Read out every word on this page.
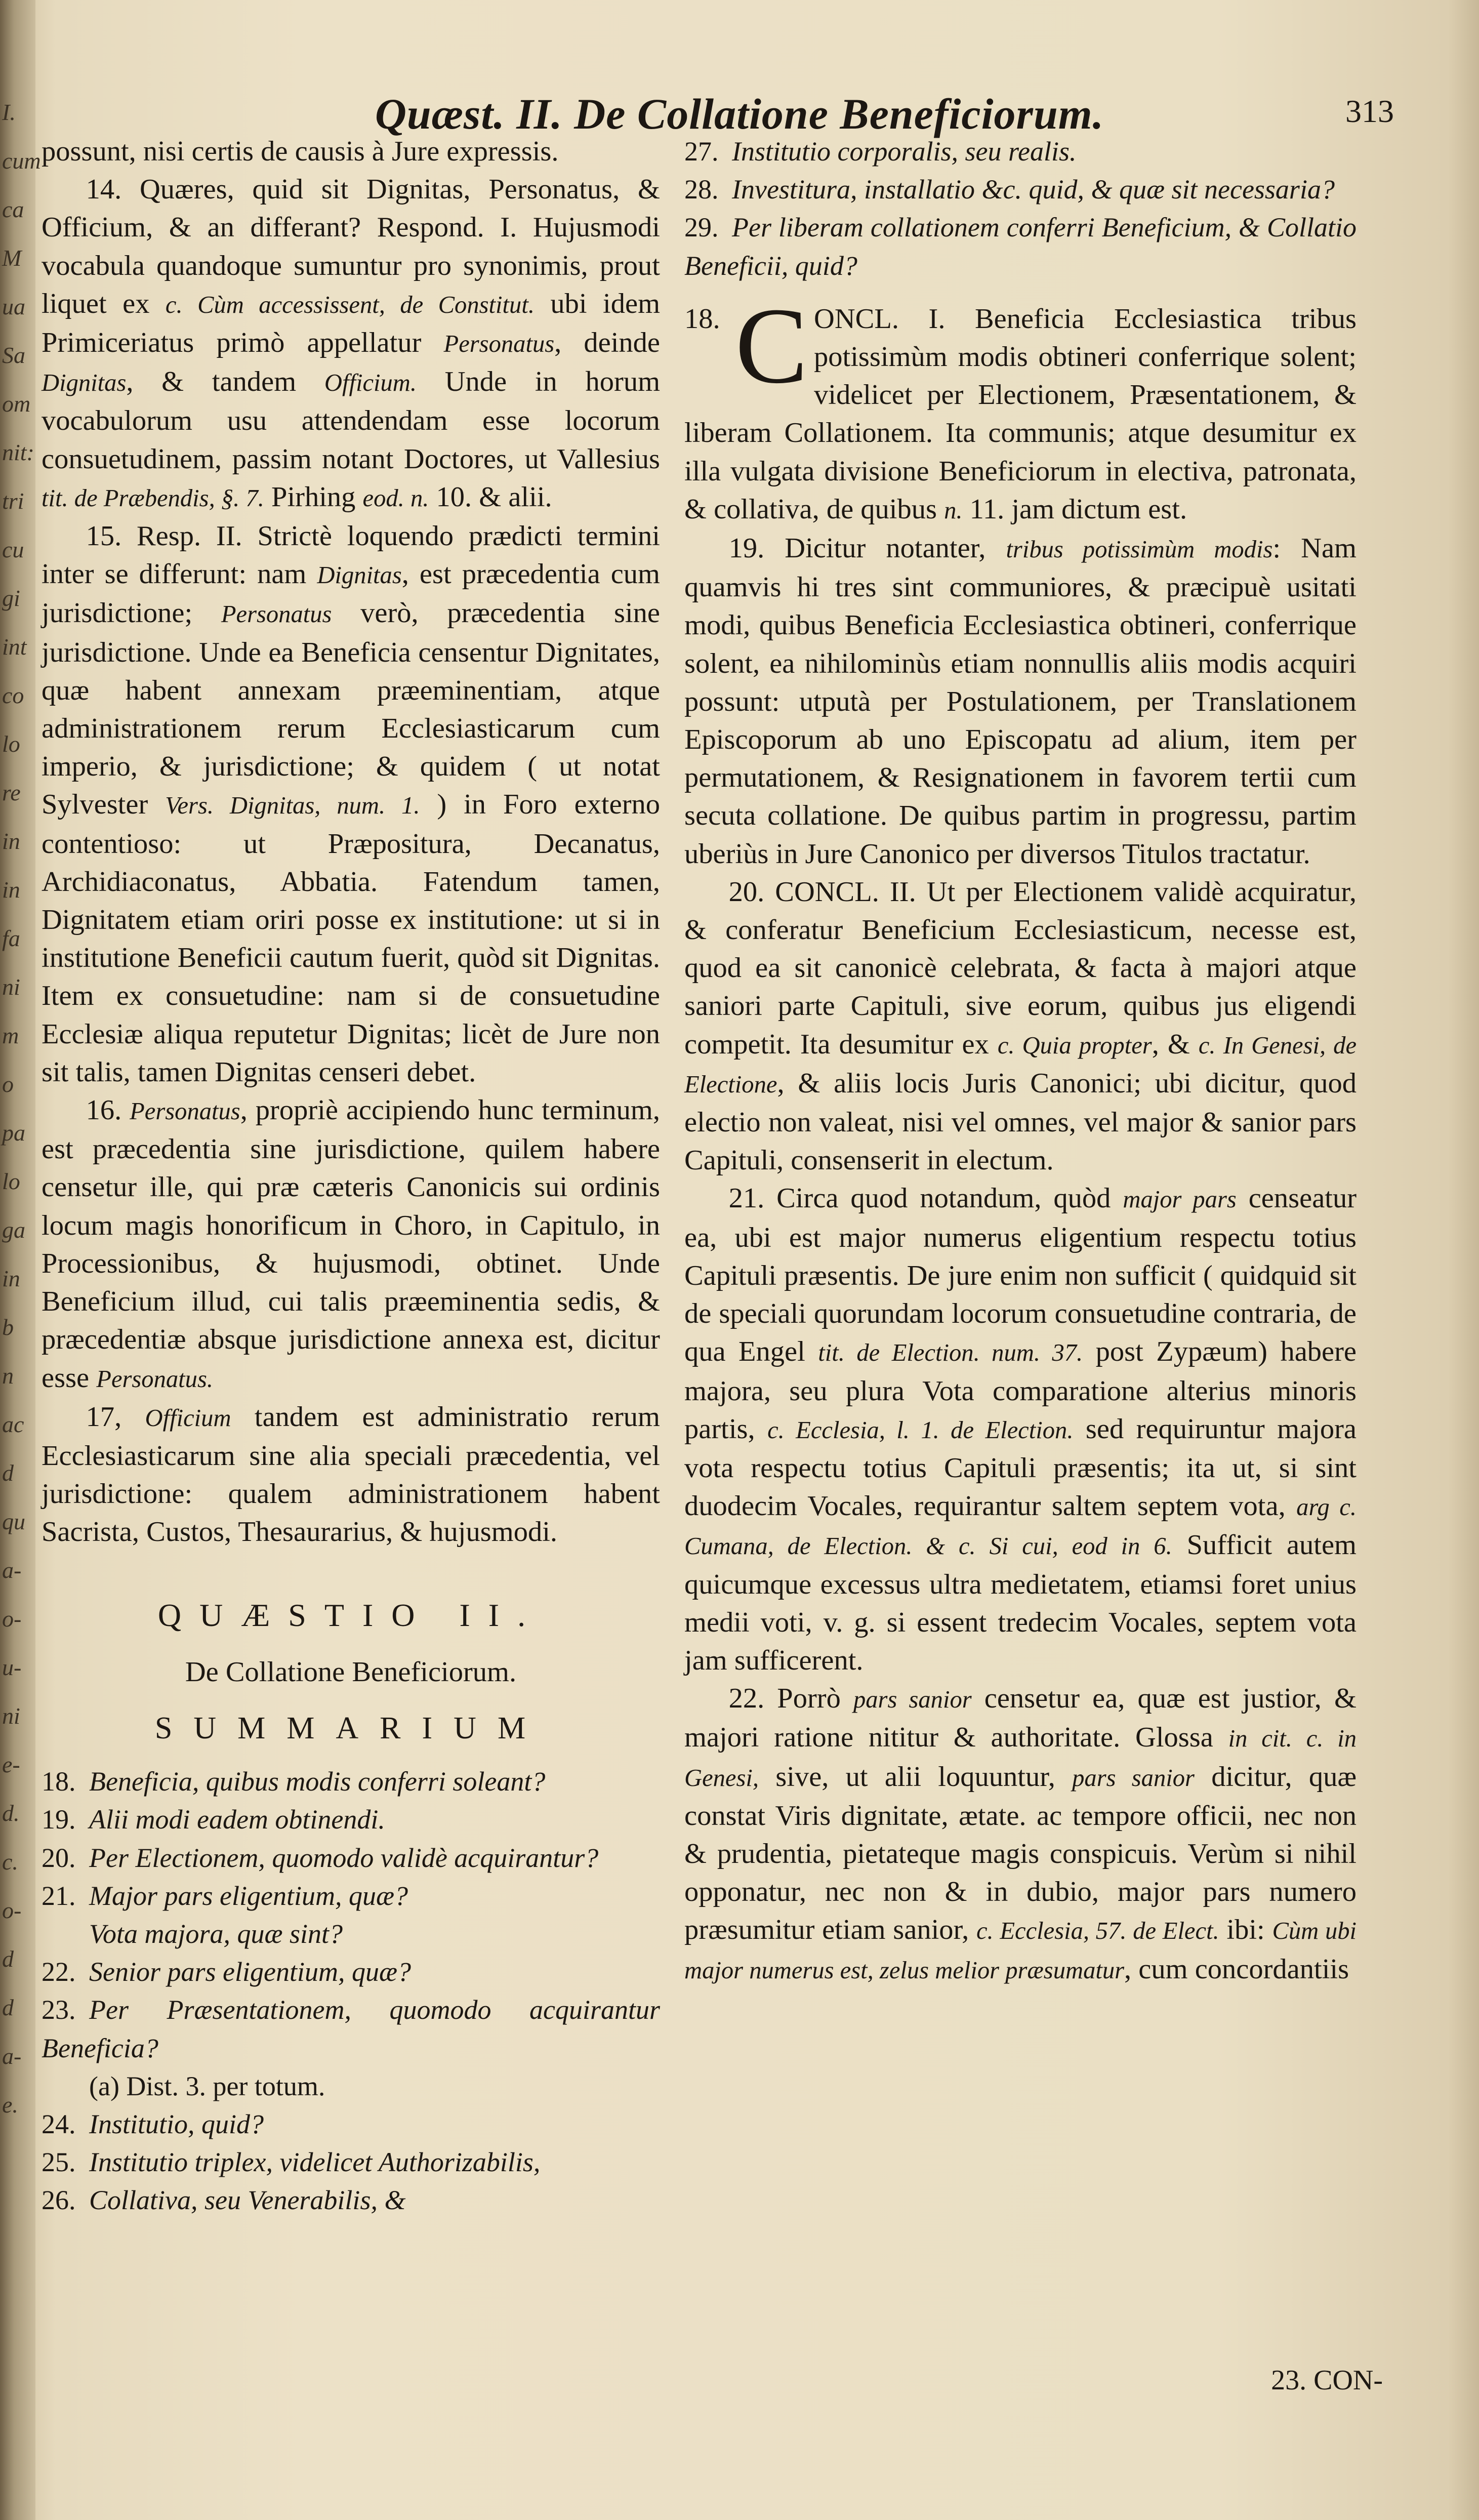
I.
cum
ca
M
ua
Sa
om
nit:
tri
cu
gi
int
co
lo
re
in
in
fa
ni
m
o
pa
lo
ga
in
b
n
ac
d
qu
a-
o-
u-
ni
e-
d.
c.
o-
d
d
a-
e.
Quæst. II. De Collatione Beneficiorum.	313

possunt, nisi certis de causis à Jure expressis.

14. Quæres, quid sit Dignitas, Personatus, & Officium, & an differant? Respond. I. Hujusmodi vocabula quandoque sumuntur pro synonimis, prout liquet ex c. Cùm accessissent, de Constitut. ubi idem Primiceriatus primò appellatur Personatus, deinde Dignitas, & tandem Officium. Unde in horum vocabulorum usu attendendam esse locorum consuetudinem, passim notant Doctores, ut Vallesius tit. de Præbendis, §. 7. Pirhing eod. n. 10. & alii.

15. Resp. II. Strictè loquendo prædicti termini inter se differunt: nam Dignitas, est præcedentia cum jurisdictione; Personatus verò, præcedentia sine jurisdictione. Unde ea Beneficia censentur Dignitates, quæ habent annexam præeminentiam, atque administrationem rerum Ecclesiasticarum cum imperio, & jurisdictione; & quidem ( ut notat Sylvester Vers. Dignitas, num. 1. ) in Foro externo contentioso: ut Præpositura, Decanatus, Archidiaconatus, Abbatia. Fatendum tamen, Dignitatem etiam oriri posse ex institutione: ut si in institutione Beneficii cautum fuerit, quòd sit Dignitas. Item ex consuetudine: nam si de consuetudine Ecclesiæ aliqua reputetur Dignitas; licèt de Jure non sit talis, tamen Dignitas censeri debet.

16. Personatus, propriè accipiendo hunc terminum, est præcedentia sine jurisdictione, quilem habere censetur ille, qui præ cæteris Canonicis sui ordinis locum magis honorificum in Choro, in Capitulo, in Processionibus, & hujusmodi, obtinet. Unde Beneficium illud, cui talis præeminentia sedis, & præcedentiæ absque jurisdictione annexa est, dicitur esse Personatus.

17, Officium tandem est administratio rerum Ecclesiasticarum sine alia speciali præcedentia, vel jurisdictione: qualem administrationem habent Sacrista, Custos, Thesaurarius, & hujusmodi.

QUÆSTIO II.

De Collatione Beneficiorum.

SUMMARIUM

18. Beneficia, quibus modis conferri soleant?
19. Alii modi eadem obtinendi.
20. Per Electionem, quomodo validè acquirantur?
21. Major pars eligentium, quæ?
Vota majora, quæ sint?
22. Senior pars eligentium, quæ?
23. Per Præsentationem, quomodo acquirantur Beneficia?
(a) Dist. 3. per totum.
24. Institutio, quid?
25. Institutio triplex, videlicet Authorizabilis,
26. Collativa, seu Venerabilis, &
27. Institutio corporalis, seu realis.
28. Investitura, installatio &c. quid, & quæ sit necessaria?
29. Per liberam collationem conferri Beneficium, & Collatio Beneficii, quid?

18. C ONCL. I. Beneficia Ecclesiastica tribus potissimùm modis obtineri conferrique solent; videlicet per Electionem, Præsentationem, & liberam Collationem. Ita communis; atque desumitur ex illa vulgata divisione Beneficiorum in electiva, patronata, & collativa, de quibus n. 11. jam dictum est.

19. Dicitur notanter, tribus potissimùm modis: Nam quamvis hi tres sint communiores, & præcipuè usitati modi, quibus Beneficia Ecclesiastica obtineri, conferrique solent, ea nihilominùs etiam nonnullis aliis modis acquiri possunt: utputà per Postulationem, per Translationem Episcoporum ab uno Episcopatu ad alium, item per permutationem, & Resignationem in favorem tertii cum secuta collatione. De quibus partim in progressu, partim uberiùs in Jure Canonico per diversos Titulos tractatur.

20. CONCL. II. Ut per Electionem validè acquiratur, & conferatur Beneficium Ecclesiasticum, necesse est, quod ea sit canonicè celebrata, & facta à majori atque saniori parte Capituli, sive eorum, quibus jus eligendi competit. Ita desumitur ex c. Quia propter, & c. In Genesi, de Electione, & aliis locis Juris Canonici; ubi dicitur, quod electio non valeat, nisi vel omnes, vel major & sanior pars Capituli, consenserit in electum.

21. Circa quod notandum, quòd major pars censeatur ea, ubi est major numerus eligentium respectu totius Capituli præsentis. De jure enim non sufficit ( quidquid sit de speciali quorundam locorum consuetudine contraria, de qua Engel tit. de Election. num. 37. post Zypæum) habere majora, seu plura Vota comparatione alterius minoris partis, c. Ecclesia, l. 1. de Election. sed requiruntur majora vota respectu totius Capituli præsentis; ita ut, si sint duodecim Vocales, requirantur saltem septem vota, arg c. Cumana, de Election. & c. Si cui, eod in 6. Sufficit autem quicumque excessus ultra medietatem, etiamsi foret unius medii voti, v. g. si essent tredecim Vocales, septem vota jam sufficerent.

22. Porrò pars sanior censetur ea, quæ est justior, & majori ratione nititur & authoritate. Glossa in cit. c. in Genesi, sive, ut alii loquuntur, pars sanior dicitur, quæ constat Viris dignitate, ætate. ac tempore officii, nec non & prudentia, pietateque magis conspicuis. Verùm si nihil opponatur, nec non & in dubio, major pars numero præsumitur etiam sanior, c. Ecclesia, 57. de Elect. ibi: Cùm ubi major numerus est, zelus melior præsumatur, cum concordantiis

23. CON-
